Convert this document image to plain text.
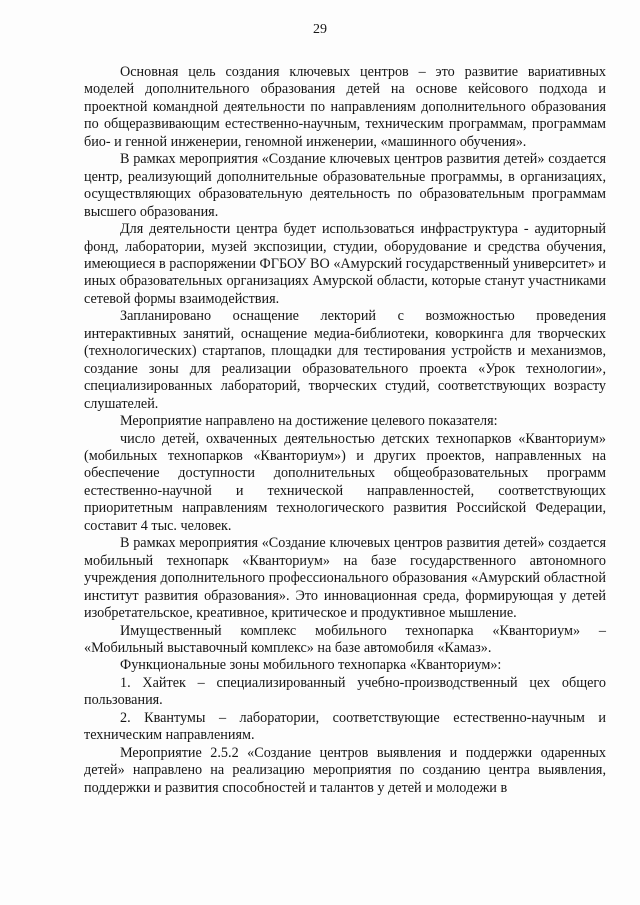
29

Основная цель создания ключевых центров – это развитие вариативных моделей дополнительного образования детей на основе кейсового подхода и проектной командной деятельности по направлениям дополнительного образования по общеразвивающим естественно-научным, техническим программам, программам био- и генной инженерии, геномной инженерии, «машинного обучения».

В рамках мероприятия «Создание ключевых центров развития детей» создается центр, реализующий дополнительные образовательные программы, в организациях, осуществляющих образовательную деятельность по образовательным программам высшего образования.

Для деятельности центра будет использоваться инфраструктура - аудиторный фонд, лаборатории, музей экспозиции, студии, оборудование и средства обучения, имеющиеся в распоряжении ФГБОУ ВО «Амурский государственный университет» и иных образовательных организациях Амурской области, которые станут участниками сетевой формы взаимодействия.

Запланировано оснащение лекторий с возможностью проведения интерактивных занятий, оснащение медиа-библиотеки, коворкинга для творческих (технологических) стартапов, площадки для тестирования устройств и механизмов, создание зоны для реализации образовательного проекта «Урок технологии», специализированных лабораторий, творческих студий, соответствующих возрасту слушателей.

Мероприятие направлено на достижение целевого показателя:

число детей, охваченных деятельностью детских технопарков «Кванториум» (мобильных технопарков «Кванториум») и других проектов, направленных на обеспечение доступности дополнительных общеобразовательных программ естественно-научной и технической направленностей, соответствующих приоритетным направлениям технологического развития Российской Федерации, составит 4 тыс. человек.

В рамках мероприятия «Создание ключевых центров развития детей» создается мобильный технопарк «Кванториум» на базе государственного автономного учреждения дополнительного профессионального образования «Амурский областной институт развития образования». Это инновационная среда, формирующая у детей изобретательское, креативное, критическое и продуктивное мышление.

Имущественный комплекс мобильного технопарка «Кванториум» – «Мобильный выставочный комплекс» на базе автомобиля «Камаз».

Функциональные зоны мобильного технопарка «Кванториум»:

1. Хайтек – специализированный учебно-производственный цех общего пользования.

2. Квантумы – лаборатории, соответствующие естественно-научным и техническим направлениям.

Мероприятие 2.5.2 «Создание центров выявления и поддержки одаренных детей» направлено на реализацию мероприятия по созданию центра выявления, поддержки и развития способностей и талантов у детей и молодежи в
